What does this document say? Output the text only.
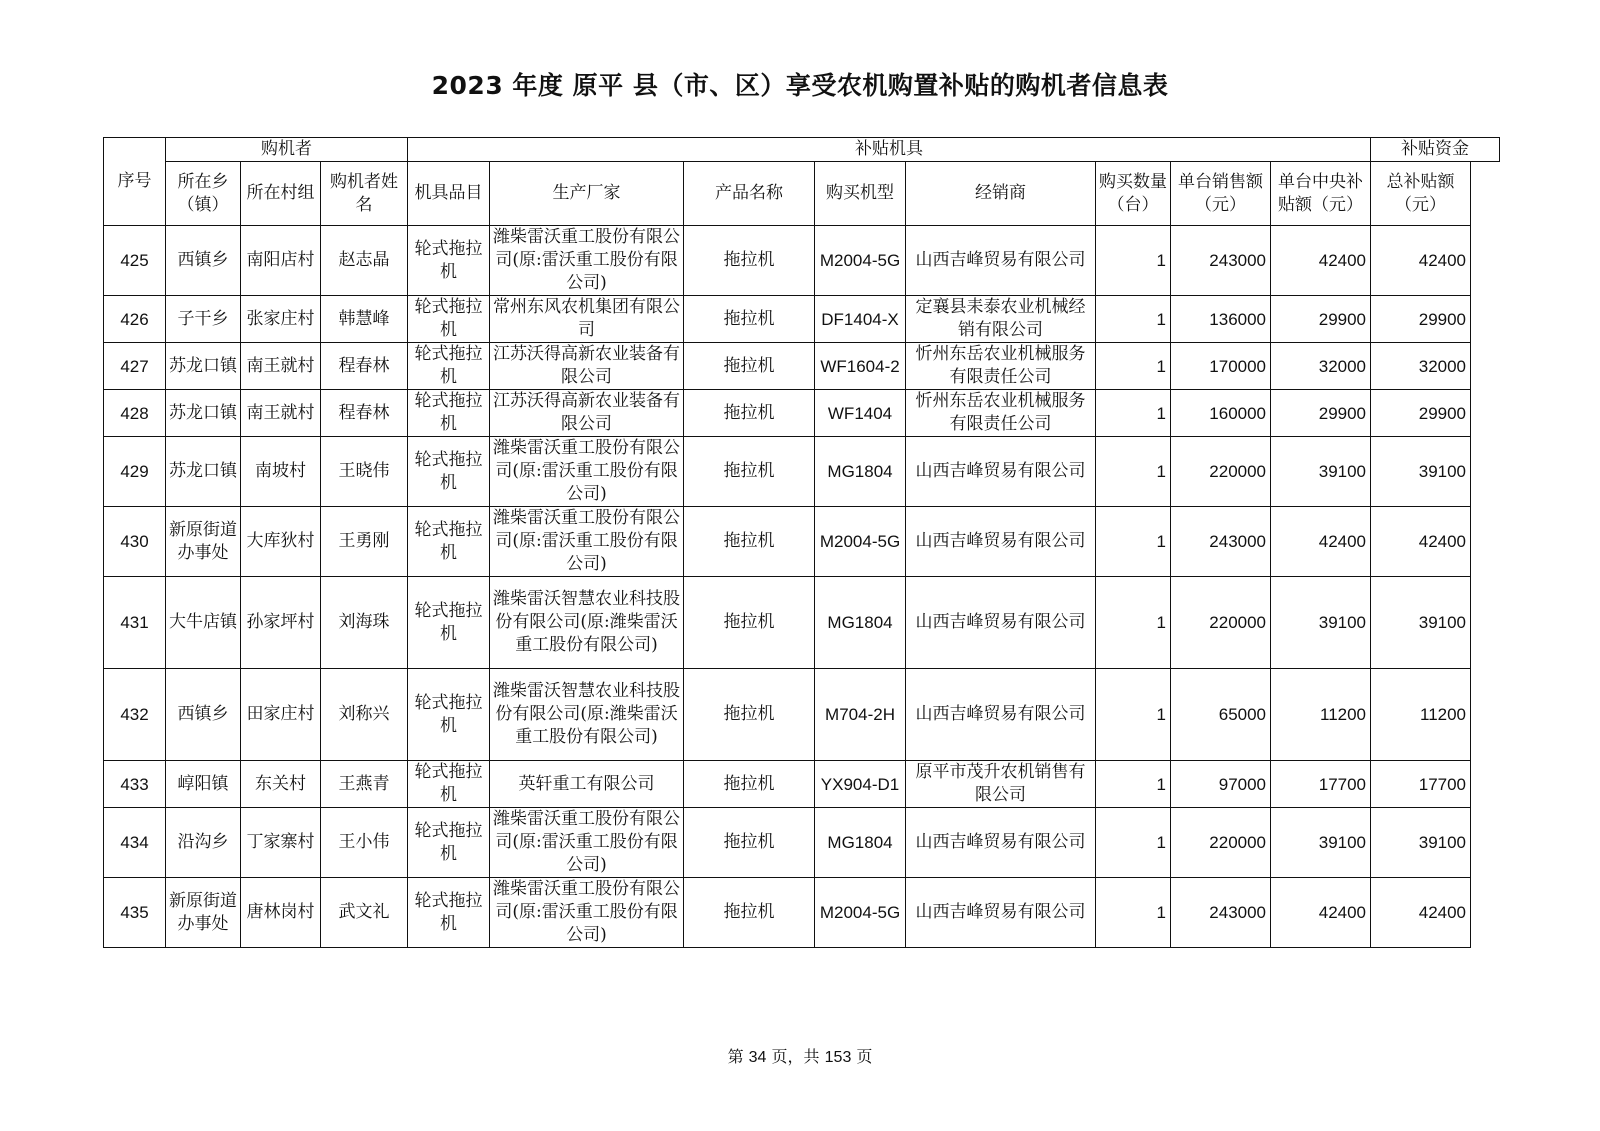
2023 年度 原平 县（市、区）享受农机购置补贴的购机者信息表
序号	购机者			补贴机具								补贴资金
	所在乡（镇）	所在村组	购机者姓名	机具品目	生产厂家	产品名称	购买机型	经销商	购买数量（台）	单台销售额（元）	单台中央补贴额（元）	总补贴额（元）
425	西镇乡	南阳店村	赵志晶	轮式拖拉机	潍柴雷沃重工股份有限公司(原:雷沃重工股份有限公司)	拖拉机	M2004-5G	山西吉峰贸易有限公司	1	243000	42400	42400
426	子干乡	张家庄村	韩慧峰	轮式拖拉机	常州东风农机集团有限公司	拖拉机	DF1404-X	定襄县耒泰农业机械经销有限公司	1	136000	29900	29900
427	苏龙口镇	南王就村	程春林	轮式拖拉机	江苏沃得高新农业装备有限公司	拖拉机	WF1604-2	忻州东岳农业机械服务有限责任公司	1	170000	32000	32000
428	苏龙口镇	南王就村	程春林	轮式拖拉机	江苏沃得高新农业装备有限公司	拖拉机	WF1404	忻州东岳农业机械服务有限责任公司	1	160000	29900	29900
429	苏龙口镇	南坡村	王晓伟	轮式拖拉机	潍柴雷沃重工股份有限公司(原:雷沃重工股份有限公司)	拖拉机	MG1804	山西吉峰贸易有限公司	1	220000	39100	39100
430	新原街道办事处	大库狄村	王勇刚	轮式拖拉机	潍柴雷沃重工股份有限公司(原:雷沃重工股份有限公司)	拖拉机	M2004-5G	山西吉峰贸易有限公司	1	243000	42400	42400
431	大牛店镇	孙家坪村	刘海珠	轮式拖拉机	潍柴雷沃智慧农业科技股份有限公司(原:潍柴雷沃重工股份有限公司)	拖拉机	MG1804	山西吉峰贸易有限公司	1	220000	39100	39100
432	西镇乡	田家庄村	刘称兴	轮式拖拉机	潍柴雷沃智慧农业科技股份有限公司(原:潍柴雷沃重工股份有限公司)	拖拉机	M704-2H	山西吉峰贸易有限公司	1	65000	11200	11200
433	崞阳镇	东关村	王燕青	轮式拖拉机	英轩重工有限公司	拖拉机	YX904-D1	原平市茂升农机销售有限公司	1	97000	17700	17700
434	沿沟乡	丁家寨村	王小伟	轮式拖拉机	潍柴雷沃重工股份有限公司(原:雷沃重工股份有限公司)	拖拉机	MG1804	山西吉峰贸易有限公司	1	220000	39100	39100
435	新原街道办事处	唐林岗村	武文礼	轮式拖拉机	潍柴雷沃重工股份有限公司(原:雷沃重工股份有限公司)	拖拉机	M2004-5G	山西吉峰贸易有限公司	1	243000	42400	42400
第 34 页，共 153 页
